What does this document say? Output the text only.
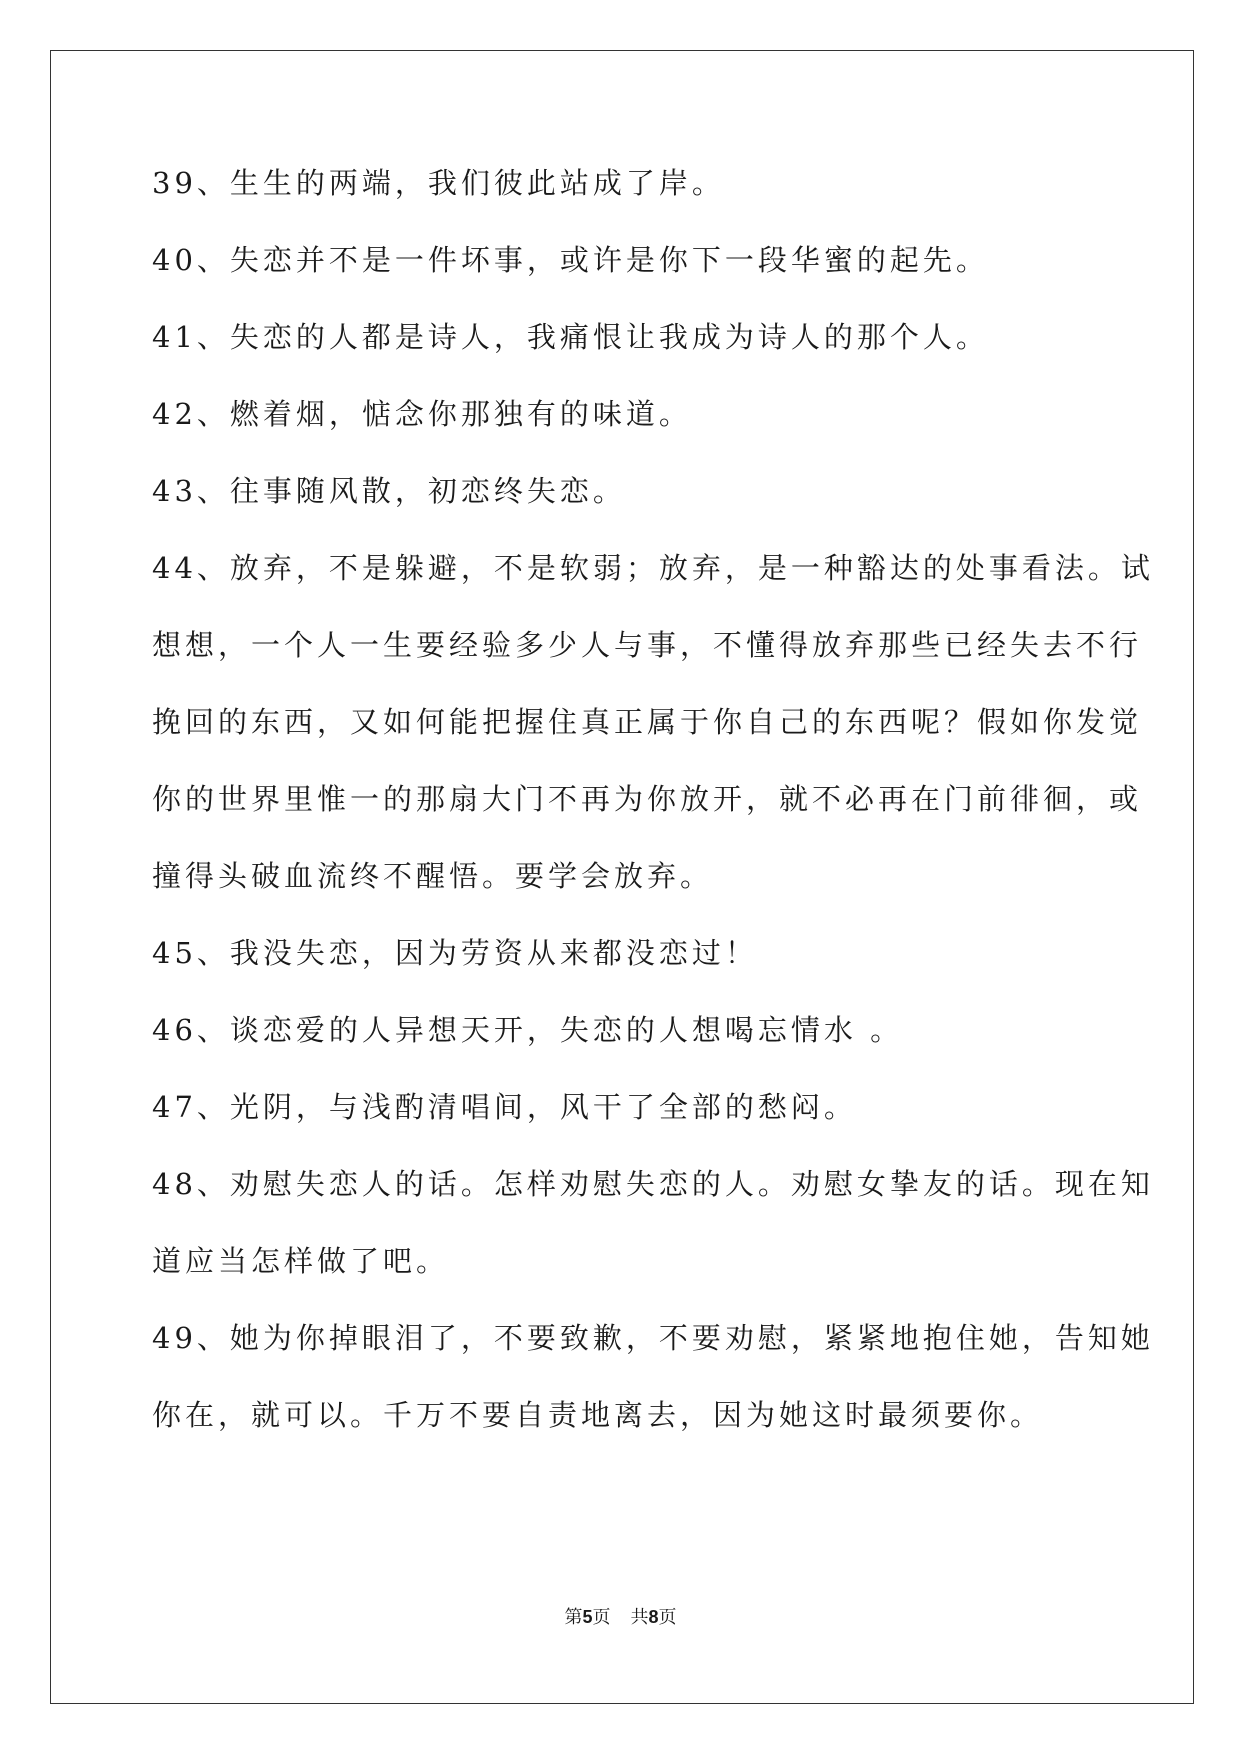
39、生生的两端，我们彼此站成了岸。
40、失恋并不是一件坏事，或许是你下一段华蜜的起先。
41、失恋的人都是诗人，我痛恨让我成为诗人的那个人。
42、燃着烟，惦念你那独有的味道。
43、往事随风散，初恋终失恋。
44、放弃，不是躲避，不是软弱；放弃，是一种豁达的处事看法。试
想想，一个人一生要经验多少人与事，不懂得放弃那些已经失去不行
挽回的东西，又如何能把握住真正属于你自己的东西呢？假如你发觉
你的世界里惟一的那扇大门不再为你放开，就不必再在门前徘徊，或
撞得头破血流终不醒悟。要学会放弃。
45、我没失恋，因为劳资从来都没恋过！
46、谈恋爱的人异想天开，失恋的人想喝忘情水 。
47、光阴，与浅酌清唱间，风干了全部的愁闷。
48、劝慰失恋人的话。怎样劝慰失恋的人。劝慰女挚友的话。现在知
道应当怎样做了吧。
49、她为你掉眼泪了，不要致歉，不要劝慰，紧紧地抱住她，告知她
你在，就可以。千万不要自责地离去，因为她这时最须要你。
第5页 共8页
